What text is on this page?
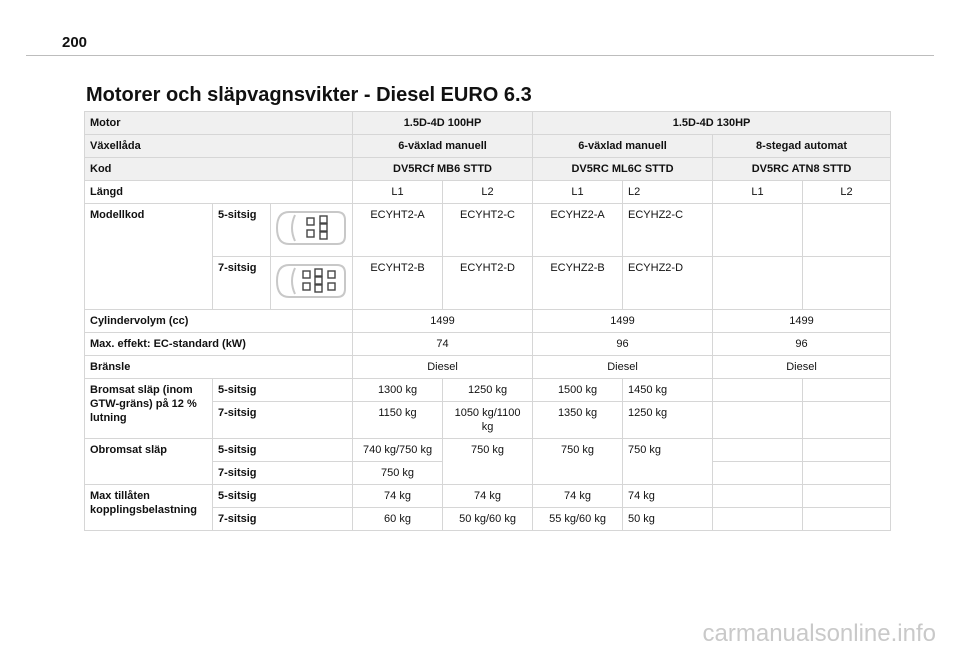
200
Motorer och släpvagnsvikter - Diesel EURO 6.3
Motor			1.5D-4D 100HP		1.5D-4D 130HP			
Växellåda			6-växlad manuell		6-växlad manuell		8-stegad automat	
Kod			DV5RCf MB6 STTD		DV5RC ML6C STTD		DV5RC ATN8 STTD	
Längd			L1	L2	L1	L2	L1	L2
Modellkod	5-sitsig		ECYHT2-A	ECYHT2-C	ECYHZ2-A	ECYHZ2-C		
	7-sitsig		ECYHT2-B	ECYHT2-D	ECYHZ2-B	ECYHZ2-D		
Cylindervolym (cc)			1499		1499		1499	
Max. effekt: EC-standard (kW)			74		96		96	
Bränsle			Diesel		Diesel		Diesel	
Bromsat släp (inom GTW-gräns) på 12 % lutning	5-sitsig		1300 kg	1250 kg	1500 kg	1450 kg		
	7-sitsig		1150 kg	1050 kg/1100 kg	1350 kg	1250 kg		
Obromsat släp	5-sitsig		740 kg/750 kg	750 kg	750 kg	750 kg		
	7-sitsig		750 kg					
Max tillåten kopplingsbelastning	5-sitsig		74 kg	74 kg	74 kg	74 kg		
	7-sitsig		60 kg	50 kg/60 kg	55 kg/60 kg	50 kg		
carmanualsonline.info
